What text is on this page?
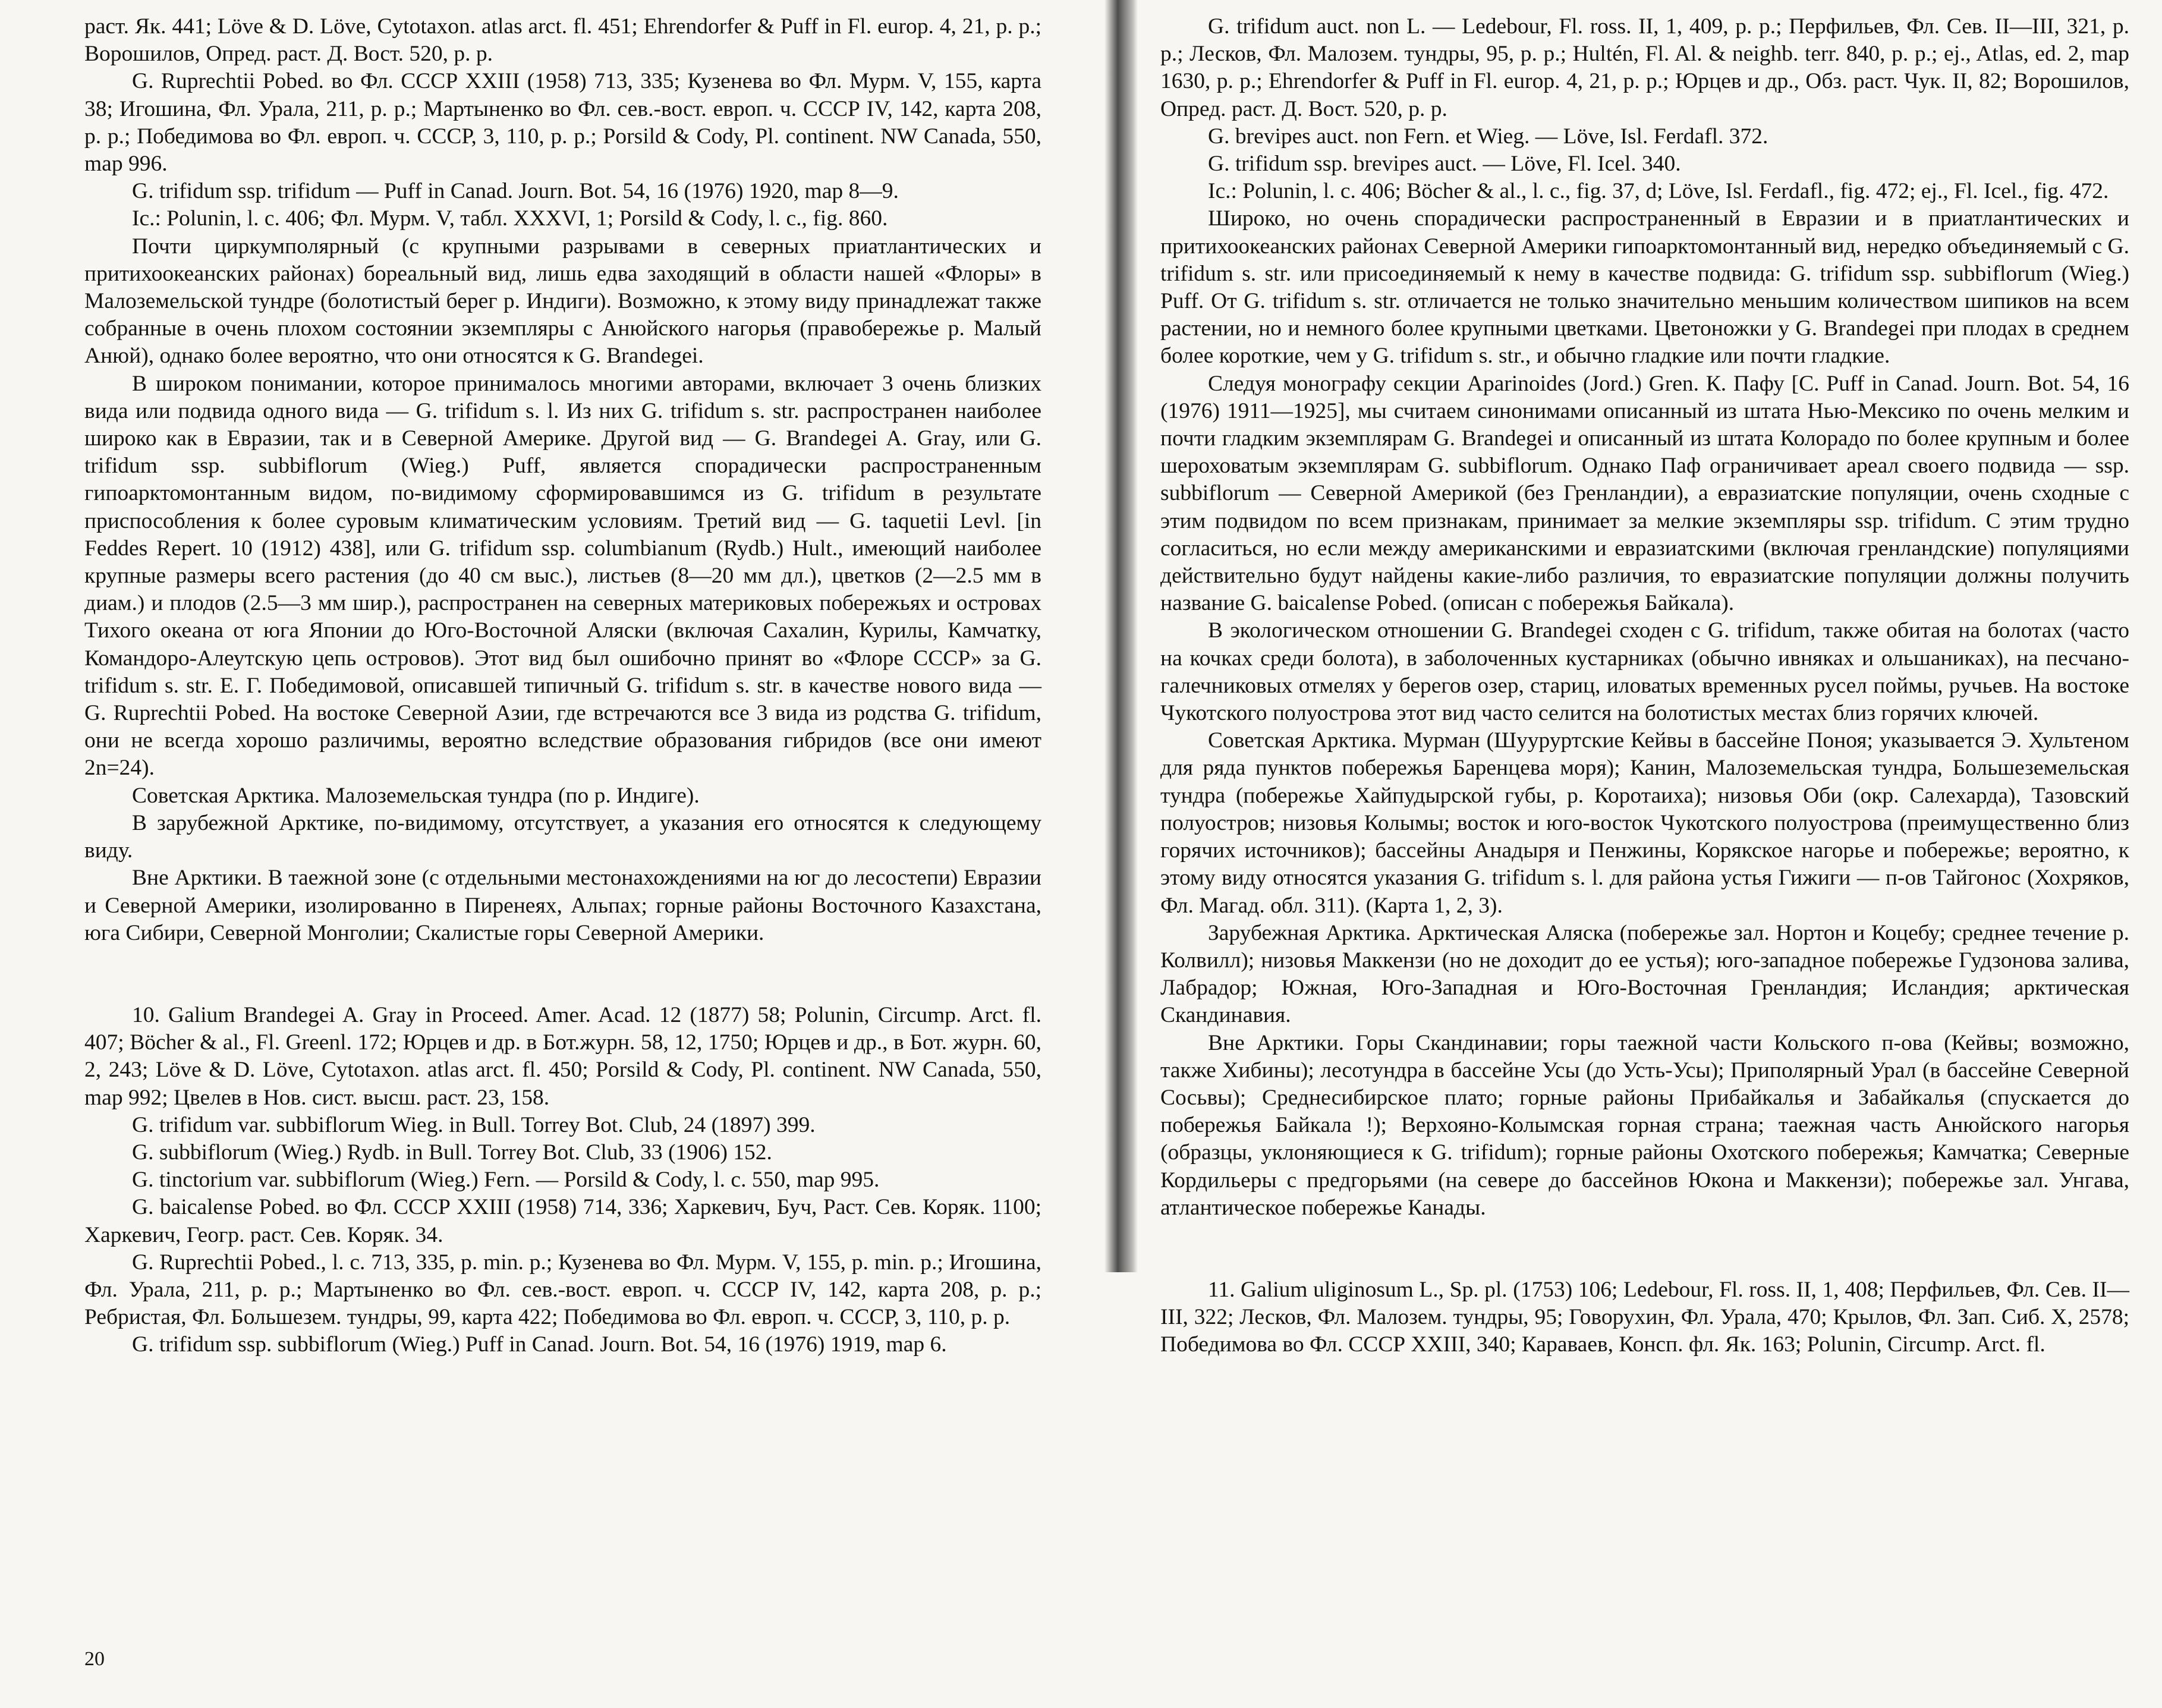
раст. Як. 441; Löve & D. Löve, Cytotaxon. atlas arct. fl. 451; Ehrendorfer & Puff in Fl. europ. 4, 21, p. p.; Ворошилов, Опред. раст. Д. Вост. 520, p. p.

G. Ruprechtii Pobed. во Фл. СССР XXIII (1958) 713, 335; Кузенева во Фл. Мурм. V, 155, карта 38; Игошина, Фл. Урала, 211, p. p.; Мартыненко во Фл. сев.-вост. европ. ч. СССР IV, 142, карта 208, p. p.; Победимова во Фл. европ. ч. СССР, 3, 110, p. p.; Porsild & Cody, Pl. continent. NW Canada, 550, map 996.

G. trifidum ssp. trifidum — Puff in Canad. Journ. Bot. 54, 16 (1976) 1920, map 8—9.

Ic.: Polunin, l. c. 406; Фл. Мурм. V, табл. XXXVI, 1; Porsild & Cody, l. c., fig. 860.

Почти циркумполярный (с крупными разрывами в северных приатлантических и притихоокеанских районах) бореальный вид, лишь едва заходящий в области нашей «Флоры» в Малоземельской тундре (болотистый берег р. Индиги). Возможно, к этому виду принадлежат также собранные в очень плохом состоянии экземпляры с Анюйского нагорья (правобережье р. Малый Анюй), однако более вероятно, что они относятся к G. Brandegei.

В широком понимании, которое принималось многими авторами, включает 3 очень близких вида или подвида одного вида — G. trifidum s. l. Из них G. trifidum s. str. распространен наиболее широко как в Евразии, так и в Северной Америке. Другой вид — G. Brandegei A. Gray, или G. trifidum ssp. subbiflorum (Wieg.) Puff, является спорадически распространенным гипоарктомонтанным видом, по-видимому сформировавшимся из G. trifidum в результате приспособления к более суровым климатическим условиям. Третий вид — G. taquetii Levl. [in Feddes Repert. 10 (1912) 438], или G. trifidum ssp. columbianum (Rydb.) Hult., имеющий наиболее крупные размеры всего растения (до 40 см выс.), листьев (8—20 мм дл.), цветков (2—2.5 мм в диам.) и плодов (2.5—3 мм шир.), распространен на северных материковых побережьях и островах Тихого океана от юга Японии до Юго-Восточной Аляски (включая Сахалин, Курилы, Камчатку, Командоро-Алеутскую цепь островов). Этот вид был ошибочно принят во «Флоре СССР» за G. trifidum s. str. Е. Г. Победимовой, описавшей типичный G. trifidum s. str. в качестве нового вида — G. Ruprechtii Pobed. На востоке Северной Азии, где встречаются все 3 вида из родства G. trifidum, они не всегда хорошо различимы, вероятно вследствие образования гибридов (все они имеют 2n=24).

Советская Арктика. Малоземельская тундра (по р. Индиге).

В зарубежной Арктике, по-видимому, отсутствует, а указания его относятся к следующему виду.

Вне Арктики. В таежной зоне (с отдельными местонахождениями на юг до лесостепи) Евразии и Северной Америки, изолированно в Пиренеях, Альпах; горные районы Восточного Казахстана, юга Сибири, Северной Монголии; Скалистые горы Северной Америки.

10. Galium Brandegei A. Gray in Proceed. Amer. Acad. 12 (1877) 58; Polunin, Circump. Arct. fl. 407; Böcher & al., Fl. Greenl. 172; Юрцев и др. в Бот.журн. 58, 12, 1750; Юрцев и др., в Бот. журн. 60, 2, 243; Löve & D. Löve, Cytotaxon. atlas arct. fl. 450; Porsild & Cody, Pl. continent. NW Canada, 550, map 992; Цвелев в Нов. сист. высш. раст. 23, 158.

G. trifidum var. subbiflorum Wieg. in Bull. Torrey Bot. Club, 24 (1897) 399.

G. subbiflorum (Wieg.) Rydb. in Bull. Torrey Bot. Club, 33 (1906) 152.

G. tinctorium var. subbiflorum (Wieg.) Fern. — Porsild & Cody, l. c. 550, map 995.

G. baicalense Pobed. во Фл. СССР XXIII (1958) 714, 336; Харкевич, Буч, Раст. Сев. Коряк. 1100; Харкевич, Геогр. раст. Сев. Коряк. 34.

G. Ruprechtii Pobed., l. c. 713, 335, p. min. p.; Кузенева во Фл. Мурм. V, 155, p. min. p.; Игошина, Фл. Урала, 211, p. p.; Мартыненко во Фл. сев.-вост. европ. ч. СССР IV, 142, карта 208, p. p.; Ребристая, Фл. Большезем. тундры, 99, карта 422; Победимова во Фл. европ. ч. СССР, 3, 110, p. p.

G. trifidum ssp. subbiflorum (Wieg.) Puff in Canad. Journ. Bot. 54, 16 (1976) 1919, map 6.

20

G. trifidum auct. non L. — Ledebour, Fl. ross. II, 1, 409, p. p.; Перфильев, Фл. Сев. II—III, 321, p. p.; Лесков, Фл. Малозем. тундры, 95, p. p.; Hultén, Fl. Al. & neighb. terr. 840, p. p.; ej., Atlas, ed. 2, map 1630, p. p.; Ehrendorfer & Puff in Fl. europ. 4, 21, p. p.; Юрцев и др., Обз. раст. Чук. II, 82; Ворошилов, Опред. раст. Д. Вост. 520, p. p.

G. brevipes auct. non Fern. et Wieg. — Löve, Isl. Ferdafl. 372.

G. trifidum ssp. brevipes auct. — Löve, Fl. Icel. 340.

Ic.: Polunin, l. c. 406; Böcher & al., l. c., fig. 37, d; Löve, Isl. Ferdafl., fig. 472; ej., Fl. Icel., fig. 472.

Широко, но очень спорадически распространенный в Евразии и в приатлантических и притихоокеанских районах Северной Америки гипоарктомонтанный вид, нередко объединяемый с G. trifidum s. str. или присоединяемый к нему в качестве подвида: G. trifidum ssp. subbiflorum (Wieg.) Puff. От G. trifidum s. str. отличается не только значительно меньшим количеством шипиков на всем растении, но и немного более крупными цветками. Цветоножки у G. Brandegei при плодах в среднем более короткие, чем у G. trifidum s. str., и обычно гладкие или почти гладкие.

Следуя монографу секции Aparinoides (Jord.) Gren. К. Пафу [C. Puff in Canad. Journ. Bot. 54, 16 (1976) 1911—1925], мы считаем синонимами описанный из штата Нью-Мексико по очень мелким и почти гладким экземплярам G. Brandegei и описанный из штата Колорадо по более крупным и более шероховатым экземплярам G. subbiflorum. Однако Паф ограничивает ареал своего подвида — ssp. subbiflorum — Северной Америкой (без Гренландии), а евразиатские популяции, очень сходные с этим подвидом по всем признакам, принимает за мелкие экземпляры ssp. trifidum. С этим трудно согласиться, но если между американскими и евразиатскими (включая гренландские) популяциями действительно будут найдены какие-либо различия, то евразиатские популяции должны получить название G. baicalense Pobed. (описан с побережья Байкала).

В экологическом отношении G. Brandegei сходен с G. trifidum, также обитая на болотах (часто на кочках среди болота), в заболоченных кустарниках (обычно ивняках и ольшаниках), на песчано-галечниковых отмелях у берегов озер, стариц, иловатых временных русел поймы, ручьев. На востоке Чукотского полуострова этот вид часто селится на болотистых местах близ горячих ключей.

Советская Арктика. Мурман (Шууруртские Кейвы в бассейне Поноя; указывается Э. Хультеном для ряда пунктов побережья Баренцева моря); Канин, Малоземельская тундра, Большеземельская тундра (побережье Хайпудырской губы, р. Коротаиха); низовья Оби (окр. Салехарда), Тазовский полуостров; низовья Колымы; восток и юго-восток Чукотского полуострова (преимущественно близ горячих источников); бассейны Анадыря и Пенжины, Корякское нагорье и побережье; вероятно, к этому виду относятся указания G. trifidum s. l. для района устья Гижиги — п-ов Тайгонос (Хохряков, Фл. Магад. обл. 311). (Карта 1, 2, 3).

Зарубежная Арктика. Арктическая Аляска (побережье зал. Нортон и Коцебу; среднее течение р. Колвилл); низовья Маккензи (но не доходит до ее устья); юго-западное побережье Гудзонова залива, Лабрадор; Южная, Юго-Западная и Юго-Восточная Гренландия; Исландия; арктическая Скандинавия.

Вне Арктики. Горы Скандинавии; горы таежной части Кольского п-ова (Кейвы; возможно, также Хибины); лесотундра в бассейне Усы (до Усть-Усы); Приполярный Урал (в бассейне Северной Сосьвы); Среднесибирское плато; горные районы Прибайкалья и Забайкалья (спускается до побережья Байкала !); Верхояно-Колымская горная страна; таежная часть Анюйского нагорья (образцы, уклоняющиеся к G. trifidum); горные районы Охотского побережья; Камчатка; Северные Кордильеры с предгорьями (на севере до бассейнов Юкона и Маккензи); побережье зал. Унгава, атлантическое побережье Канады.

11. Galium uliginosum L., Sp. pl. (1753) 106; Ledebour, Fl. ross. II, 1, 408; Перфильев, Фл. Сев. II—III, 322; Лесков, Фл. Малозем. тундры, 95; Говорухин, Фл. Урала, 470; Крылов, Фл. Зап. Сиб. X, 2578; Победимова во Фл. СССР XXIII, 340; Караваев, Консп. фл. Як. 163; Polunin, Circump. Arct. fl.
